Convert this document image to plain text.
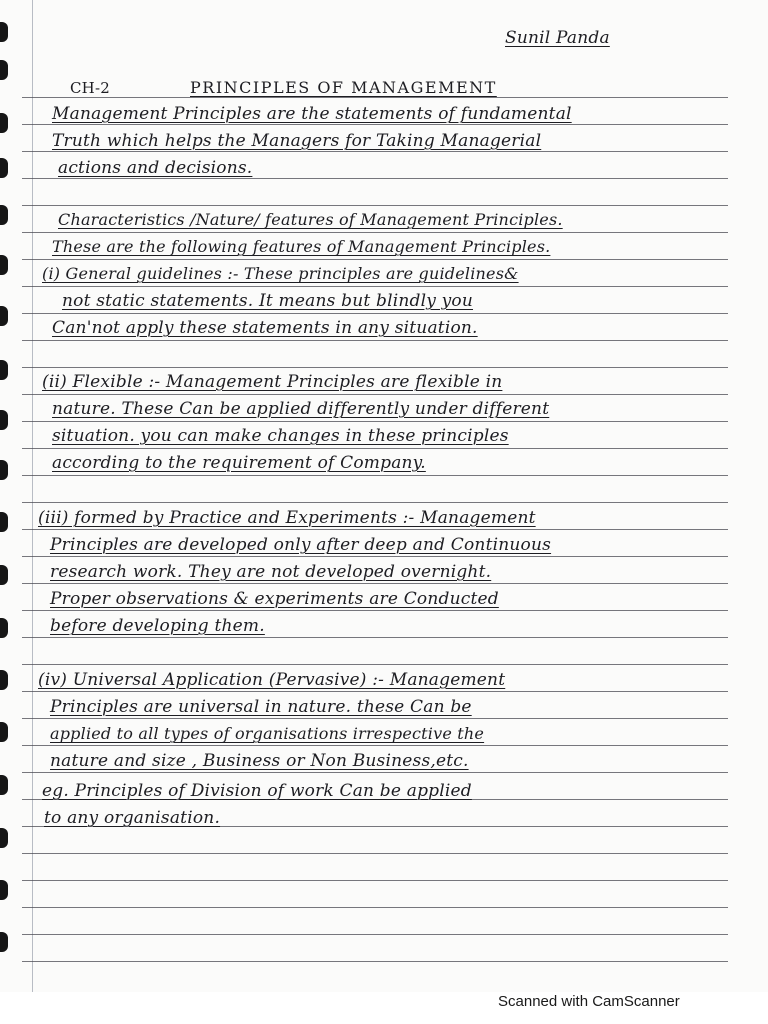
Sunil Panda
CH-2	PRINCIPLES OF MANAGEMENT
Management Principles are the statements of fundamental
Truth which helps the Managers for Taking Managerial
actions and decisions.
Characteristics /Nature/ features of Management Principles.
These are the following features of Management Principles.
(i) General guidelines :- These principles are guidelines&
not static statements. It means but blindly you
Can'not apply these statements in any situation.
(ii) Flexible :- Management Principles are flexible in
nature. These Can be applied differently under different
situation. you can make changes in these principles
according to the requirement of Company.
(iii) formed by Practice and Experiments :- Management
Principles are developed only after deep and Continuous
research work. They are not developed overnight.
Proper observations & experiments are Conducted
before developing them.
(iv) Universal Application (Pervasive) :- Management
Principles are universal in nature. these Can be
applied to all types of organisations irrespective the
nature and size , Business or Non Business,etc.
eg. Principles of Division of work Can be applied
to any organisation.
Scanned with CamScanner
